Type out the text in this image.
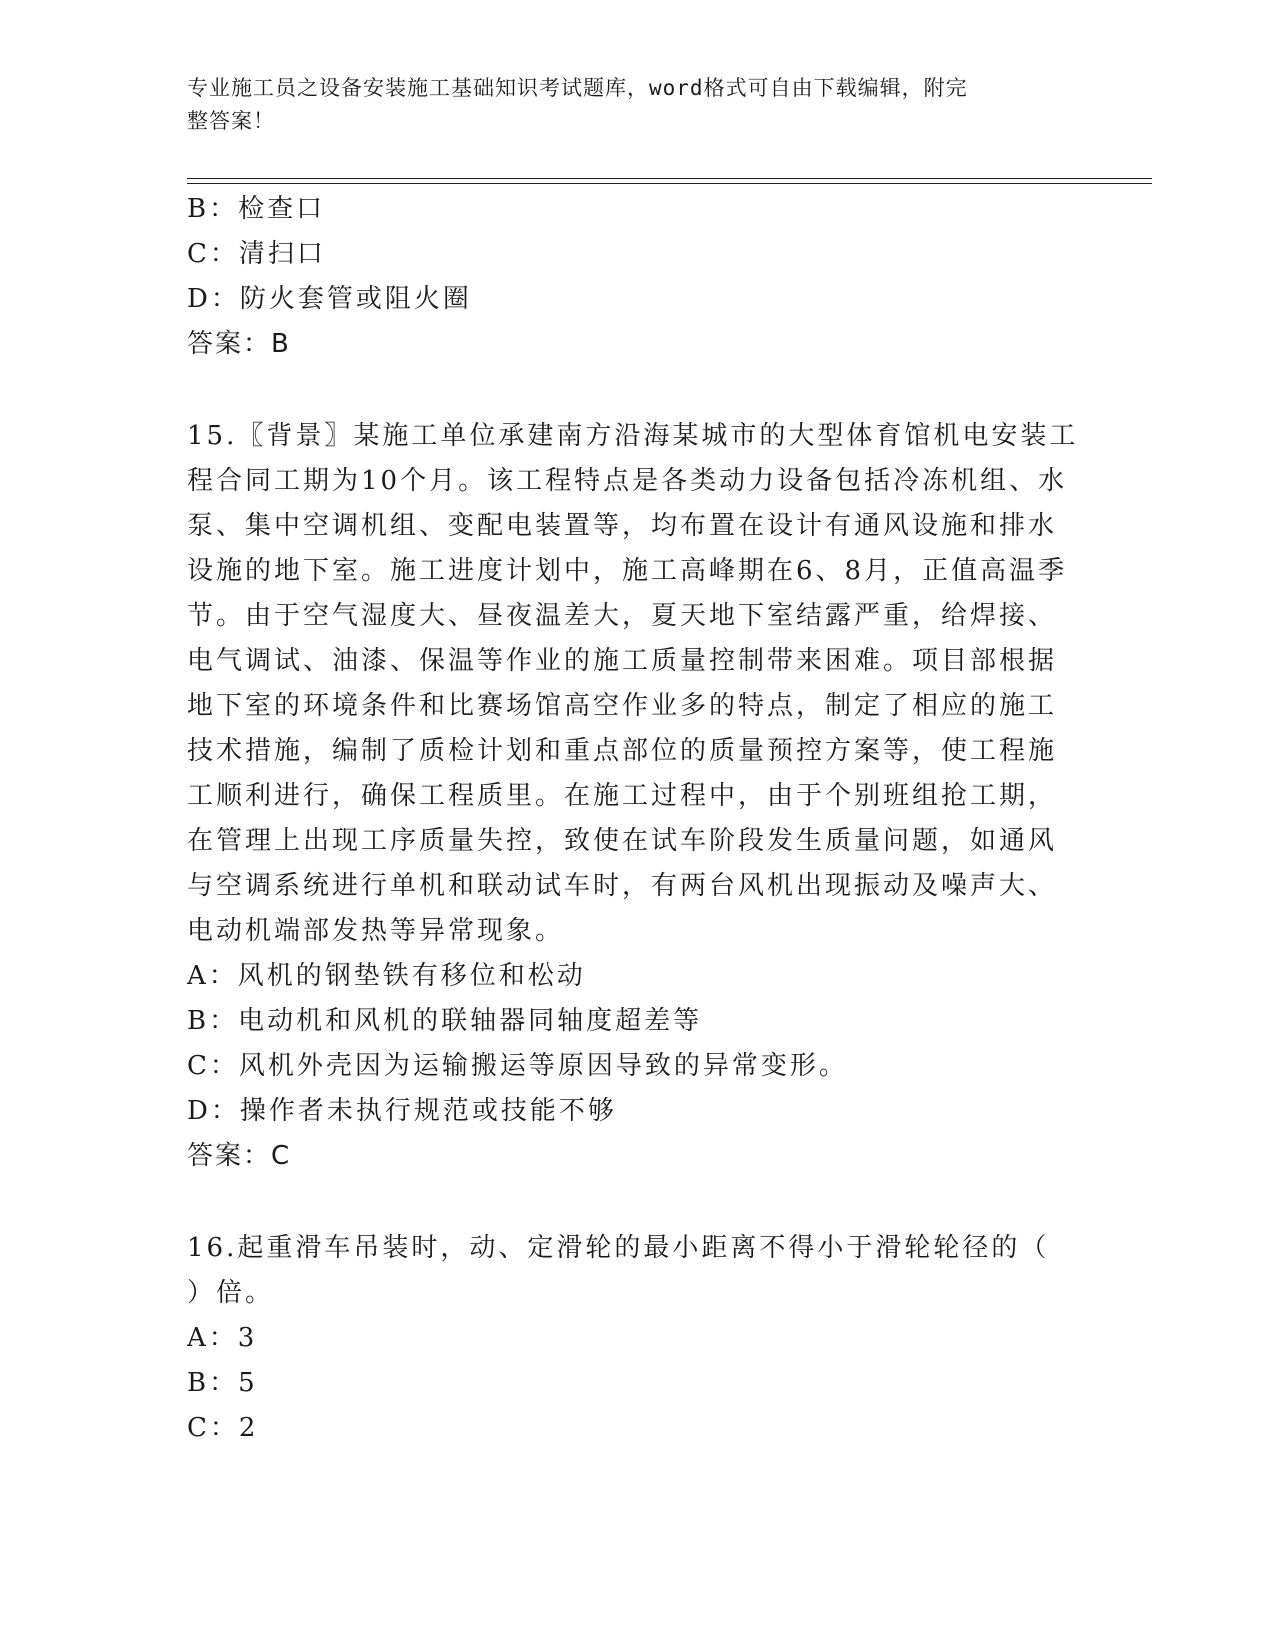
专业施工员之设备安装施工基础知识考试题库，word格式可自由下载编辑，附完
整答案！
B：检查口
C：清扫口
D：防火套管或阻火圈
答案：B
15.〖背景〗某施工单位承建南方沿海某城市的大型体育馆机电安装工
程合同工期为10个月。该工程特点是各类动力设备包括冷冻机组、水
泵、集中空调机组、变配电装置等，均布置在设计有通风设施和排水
设施的地下室。施工进度计划中，施工高峰期在6、8月，正值高温季
节。由于空气湿度大、昼夜温差大，夏天地下室结露严重，给焊接、
电气调试、油漆、保温等作业的施工质量控制带来困难。项目部根据
地下室的环境条件和比赛场馆高空作业多的特点，制定了相应的施工
技术措施，编制了质检计划和重点部位的质量预控方案等，使工程施
工顺利进行，确保工程质里。在施工过程中，由于个别班组抢工期，
在管理上出现工序质量失控，致使在试车阶段发生质量问题，如通风
与空调系统进行单机和联动试车时，有两台风机出现振动及噪声大、
电动机端部发热等异常现象。
A：风机的钢垫铁有移位和松动
B：电动机和风机的联轴器同轴度超差等
C：风机外壳因为运输搬运等原因导致的异常变形。
D：操作者未执行规范或技能不够
答案：C
16.起重滑车吊装时，动、定滑轮的最小距离不得小于滑轮轮径的（
）倍。
A：3
B：5
C：2
